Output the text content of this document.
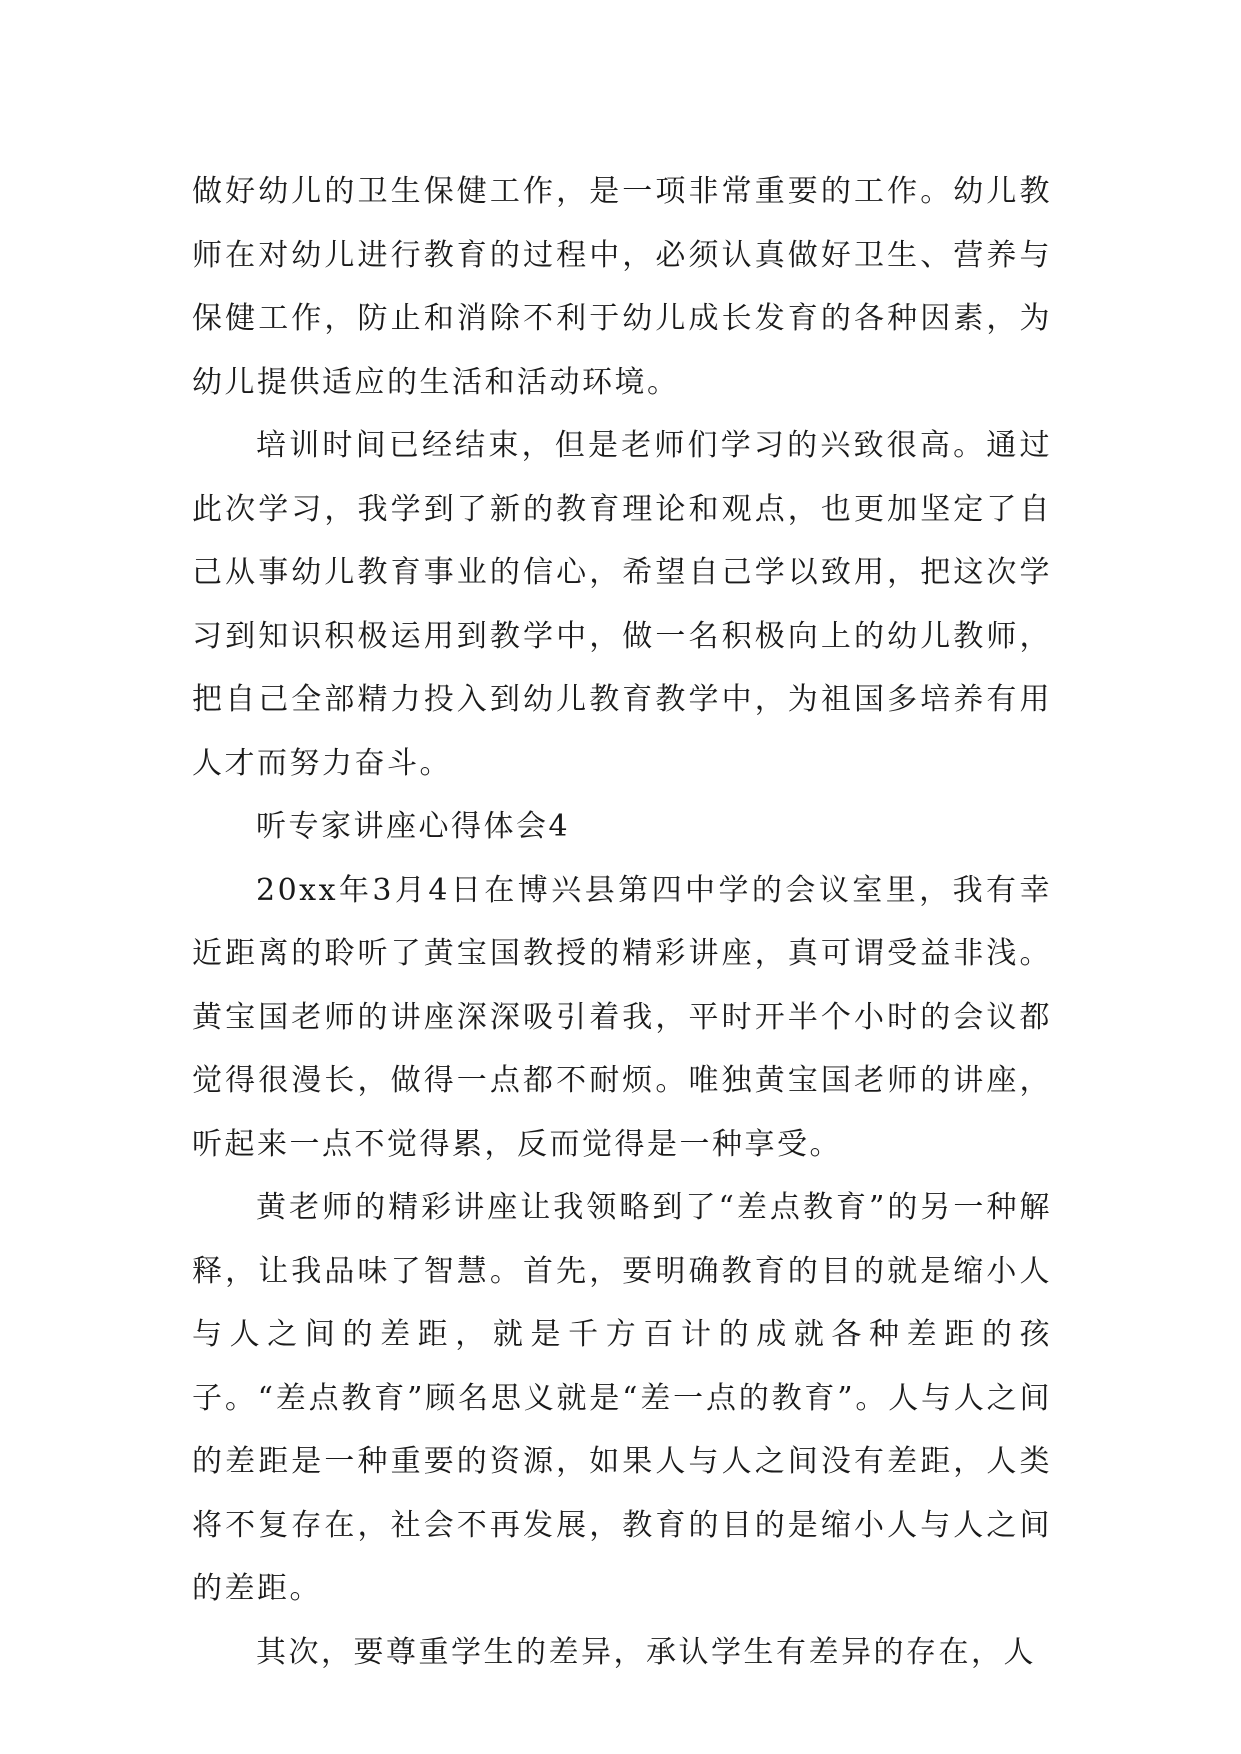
做好幼儿的卫生保健工作，是一项非常重要的工作。幼儿教师在对幼儿进行教育的过程中，必须认真做好卫生、营养与保健工作，防止和消除不利于幼儿成长发育的各种因素，为幼儿提供适应的生活和活动环境。

培训时间已经结束，但是老师们学习的兴致很高。通过此次学习，我学到了新的教育理论和观点，也更加坚定了自己从事幼儿教育事业的信心，希望自己学以致用，把这次学习到知识积极运用到教学中，做一名积极向上的幼儿教师，把自己全部精力投入到幼儿教育教学中，为祖国多培养有用人才而努力奋斗。

听专家讲座心得体会4

20xx年3月4日在博兴县第四中学的会议室里，我有幸近距离的聆听了黄宝国教授的精彩讲座，真可谓受益非浅。黄宝国老师的讲座深深吸引着我，平时开半个小时的会议都觉得很漫长，做得一点都不耐烦。唯独黄宝国老师的讲座，听起来一点不觉得累，反而觉得是一种享受。

黄老师的精彩讲座让我领略到了“差点教育”的另一种解释，让我品味了智慧。首先，要明确教育的目的就是缩小人与人之间的差距，就是千方百计的成就各种差距的孩子。“差点教育”顾名思义就是“差一点的教育”。人与人之间的差距是一种重要的资源，如果人与人之间没有差距，人类将不复存在，社会不再发展，教育的目的是缩小人与人之间的差距。

其次，要尊重学生的差异，承认学生有差异的存在，人
